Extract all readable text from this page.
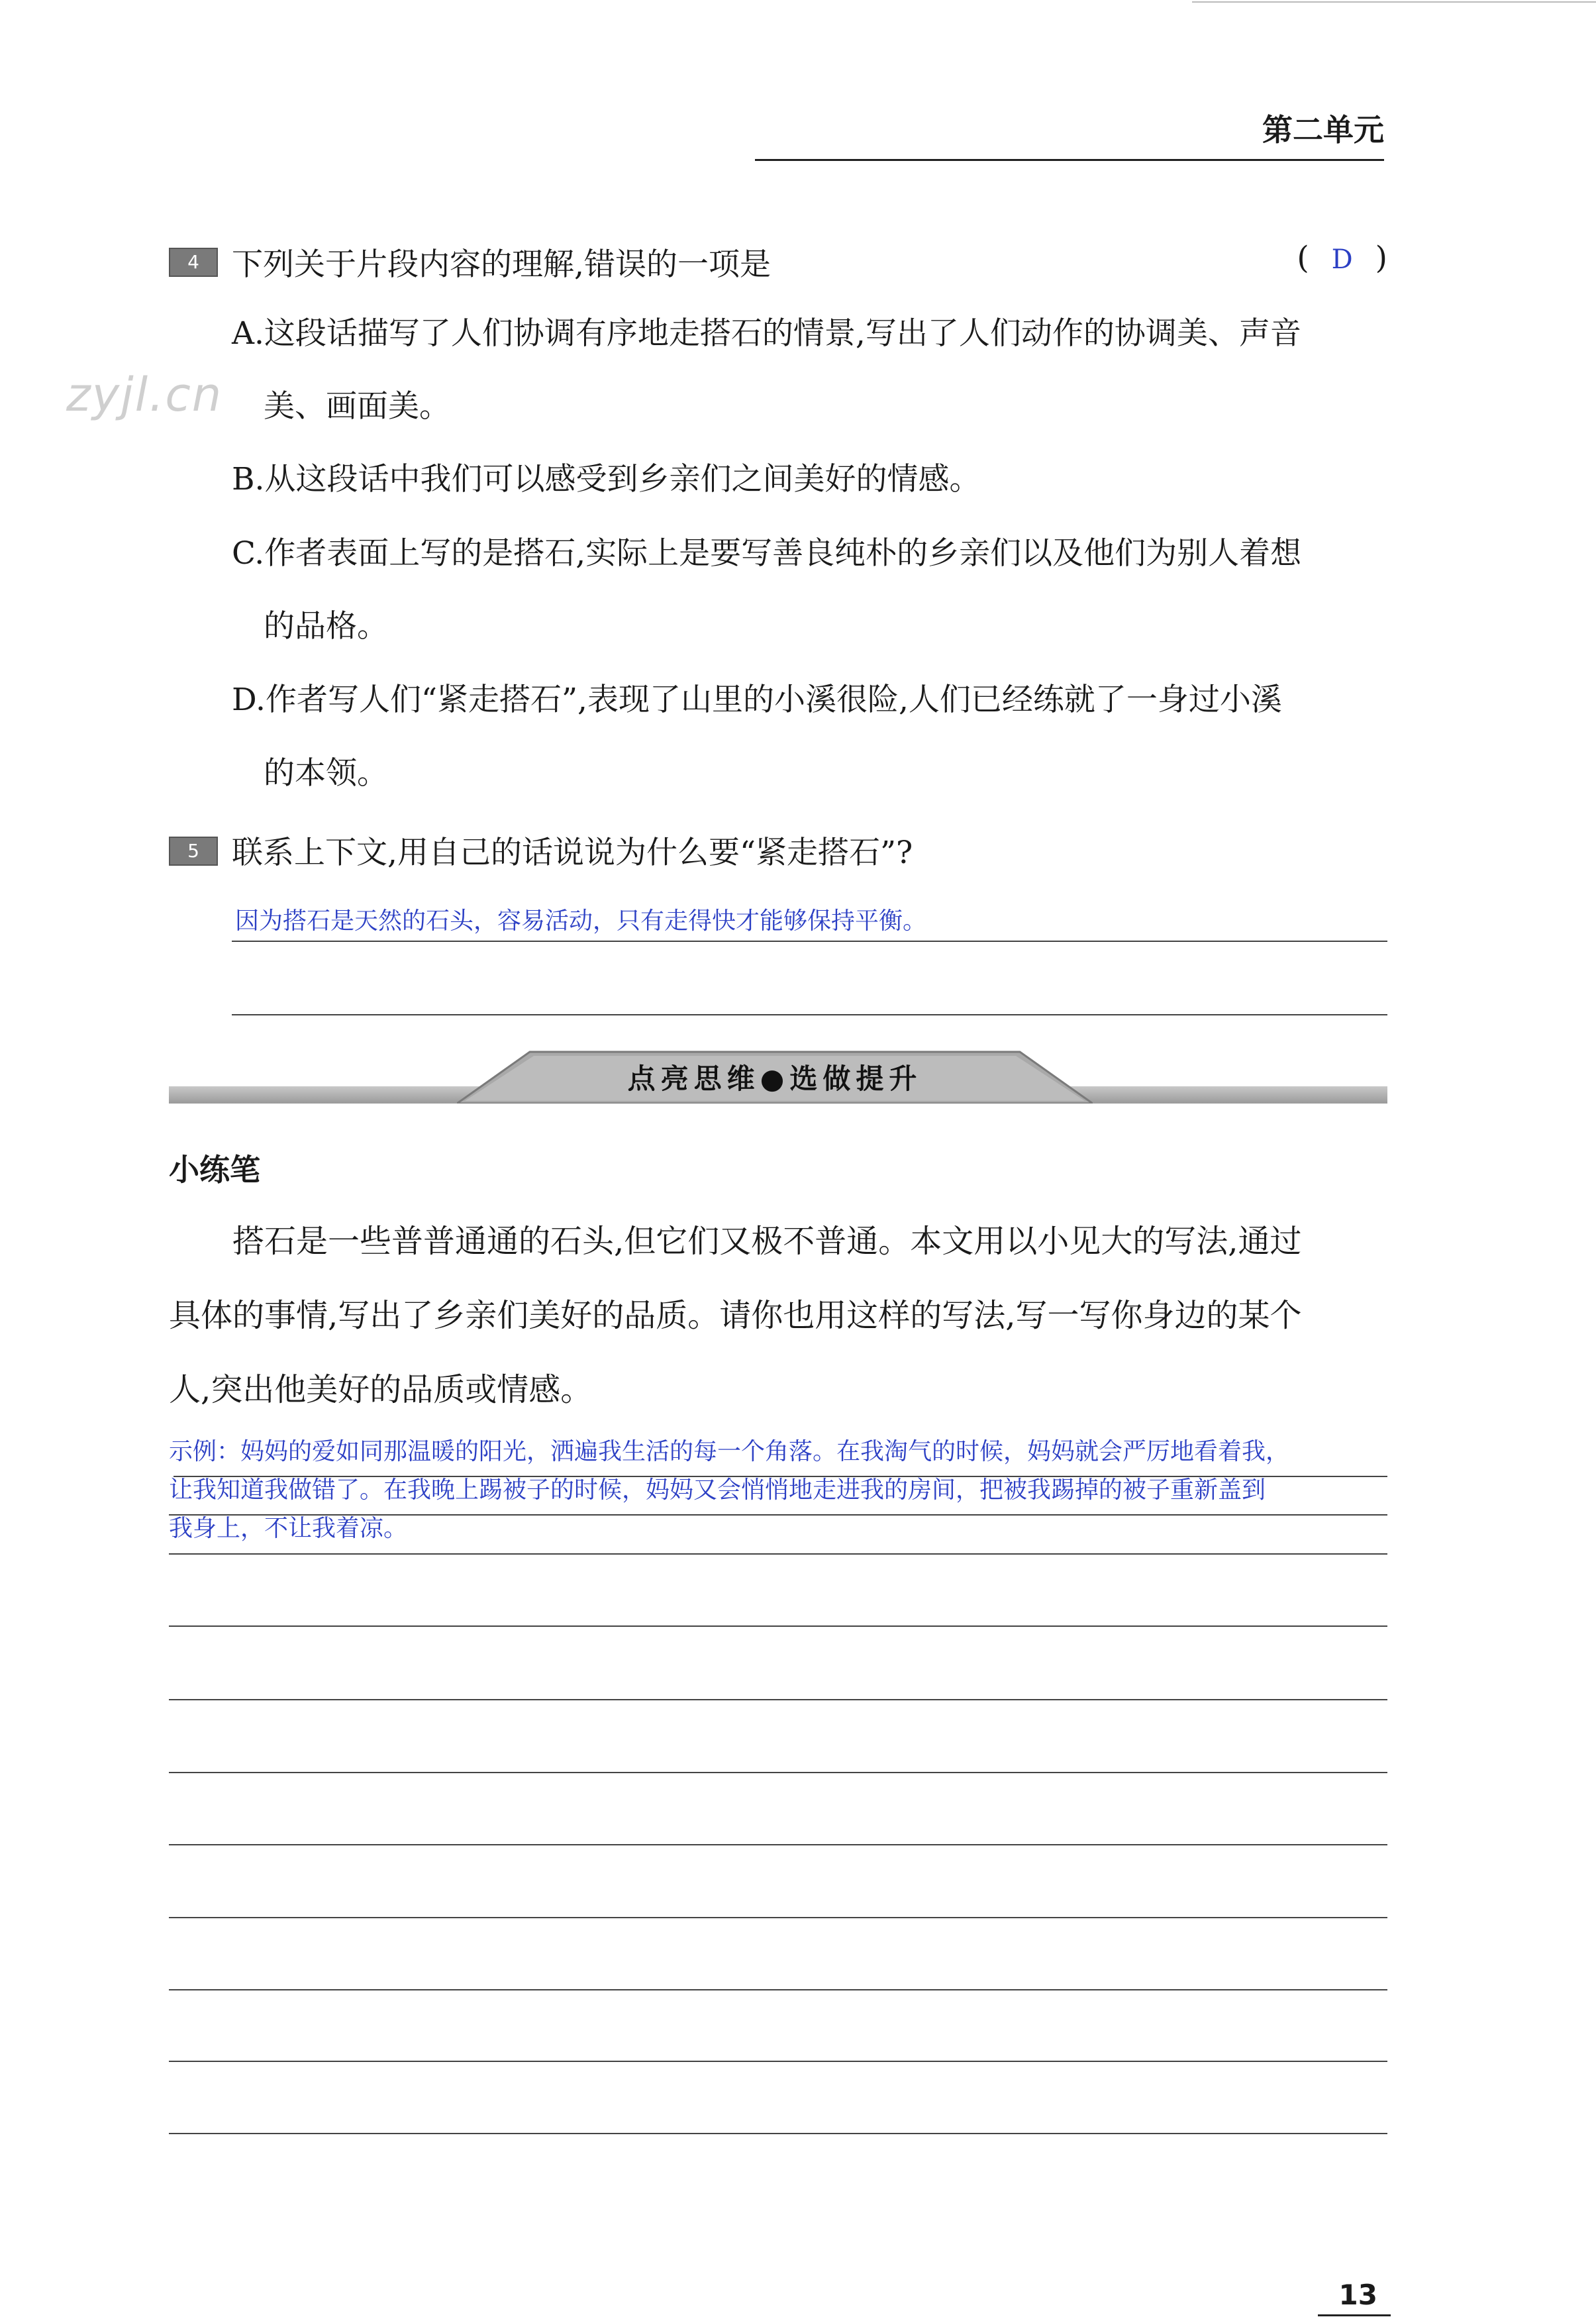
第二单元
zyjl.cn
4	下列关于片段内容的理解,错误的一项是	( D )
A.这段话描写了人们协调有序地走搭石的情景,写出了人们动作的协调美、声音
美、画面美。
B.从这段话中我们可以感受到乡亲们之间美好的情感。
C.作者表面上写的是搭石,实际上是要写善良纯朴的乡亲们以及他们为别人着想
的品格。
D.作者写人们“紧走搭石”,表现了山里的小溪很险,人们已经练就了一身过小溪
的本领。
5	联系上下文,用自己的话说说为什么要“紧走搭石”?
因为搭石是天然的石头，容易活动，只有走得快才能够保持平衡。
点亮思维●选做提升
小练笔
搭石是一些普普通通的石头,但它们又极不普通。本文用以小见大的写法,通过
具体的事情,写出了乡亲们美好的品质。请你也用这样的写法,写一写你身边的某个
人,突出他美好的品质或情感。
示例：妈妈的爱如同那温暖的阳光，洒遍我生活的每一个角落。在我淘气的时候，妈妈就会严厉地看着我，
让我知道我做错了。在我晚上踢被子的时候，妈妈又会悄悄地走进我的房间，把被我踢掉的被子重新盖到
我身上，不让我着凉。
13
